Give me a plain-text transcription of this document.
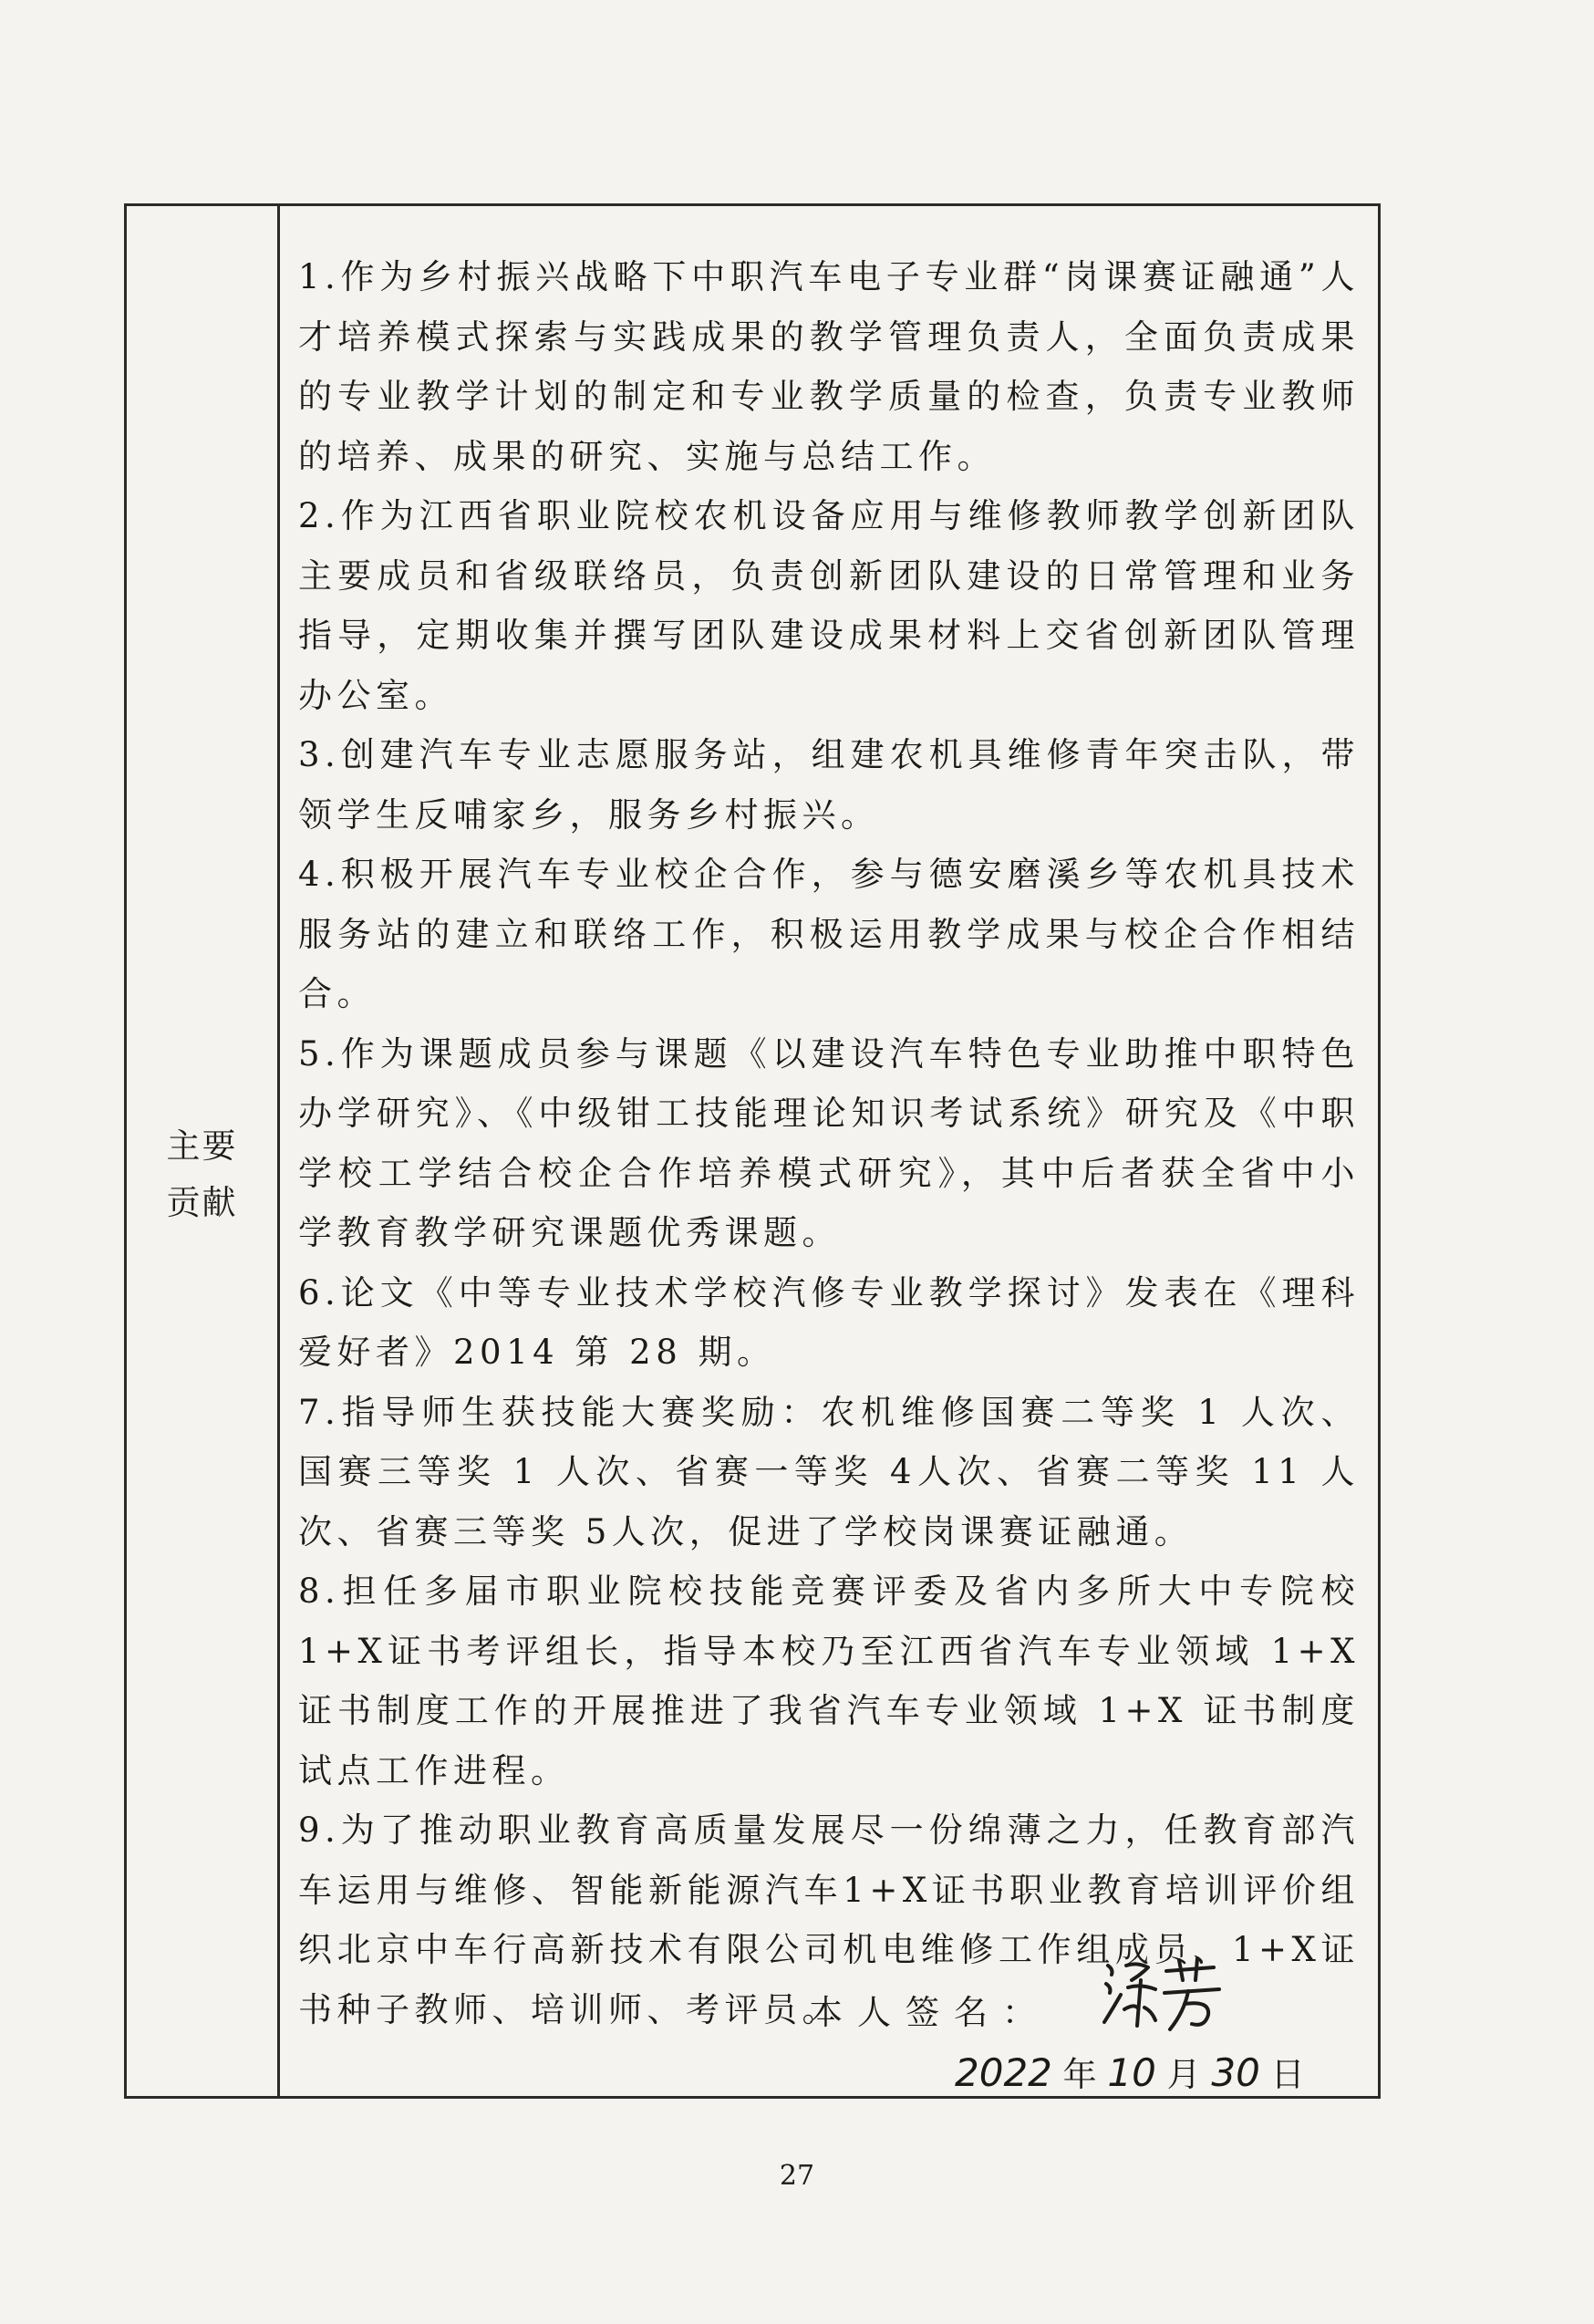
主要
贡献

1.作为乡村振兴战略下中职汽车电子专业群“岗课赛证融通”人才培养模式探索与实践成果的教学管理负责人，全面负责成果的专业教学计划的制定和专业教学质量的检查，负责专业教师的培养、成果的研究、实施与总结工作。

2.作为江西省职业院校农机设备应用与维修教师教学创新团队主要成员和省级联络员，负责创新团队建设的日常管理和业务指导，定期收集并撰写团队建设成果材料上交省创新团队管理办公室。

3.创建汽车专业志愿服务站，组建农机具维修青年突击队，带领学生反哺家乡，服务乡村振兴。

4.积极开展汽车专业校企合作，参与德安磨溪乡等农机具技术服务站的建立和联络工作，积极运用教学成果与校企合作相结合。

5.作为课题成员参与课题《以建设汽车特色专业助推中职特色办学研究》、《中级钳工技能理论知识考试系统》研究及《中职学校工学结合校企合作培养模式研究》，其中后者获全省中小学教育教学研究课题优秀课题。

6.论文《中等专业技术学校汽修专业教学探讨》发表在《理科爱好者》2014 第 28 期。

7.指导师生获技能大赛奖励：农机维修国赛二等奖 1 人次、国赛三等奖 1 人次、省赛一等奖 4人次、省赛二等奖 11 人次、省赛三等奖 5人次，促进了学校岗课赛证融通。

8.担任多届市职业院校技能竞赛评委及省内多所大中专院校1+X证书考评组长，指导本校乃至江西省汽车专业领域 1+X 证书制度工作的开展推进了我省汽车专业领域 1+X 证书制度试点工作进程。

9.为了推动职业教育高质量发展尽一份绵薄之力，任教育部汽车运用与维修、智能新能源汽车1+X证书职业教育培训评价组织北京中车行高新技术有限公司机电维修工作组成员、1+X证书种子教师、培训师、考评员。

本人签名：
2022 年 10 月 30 日
27
